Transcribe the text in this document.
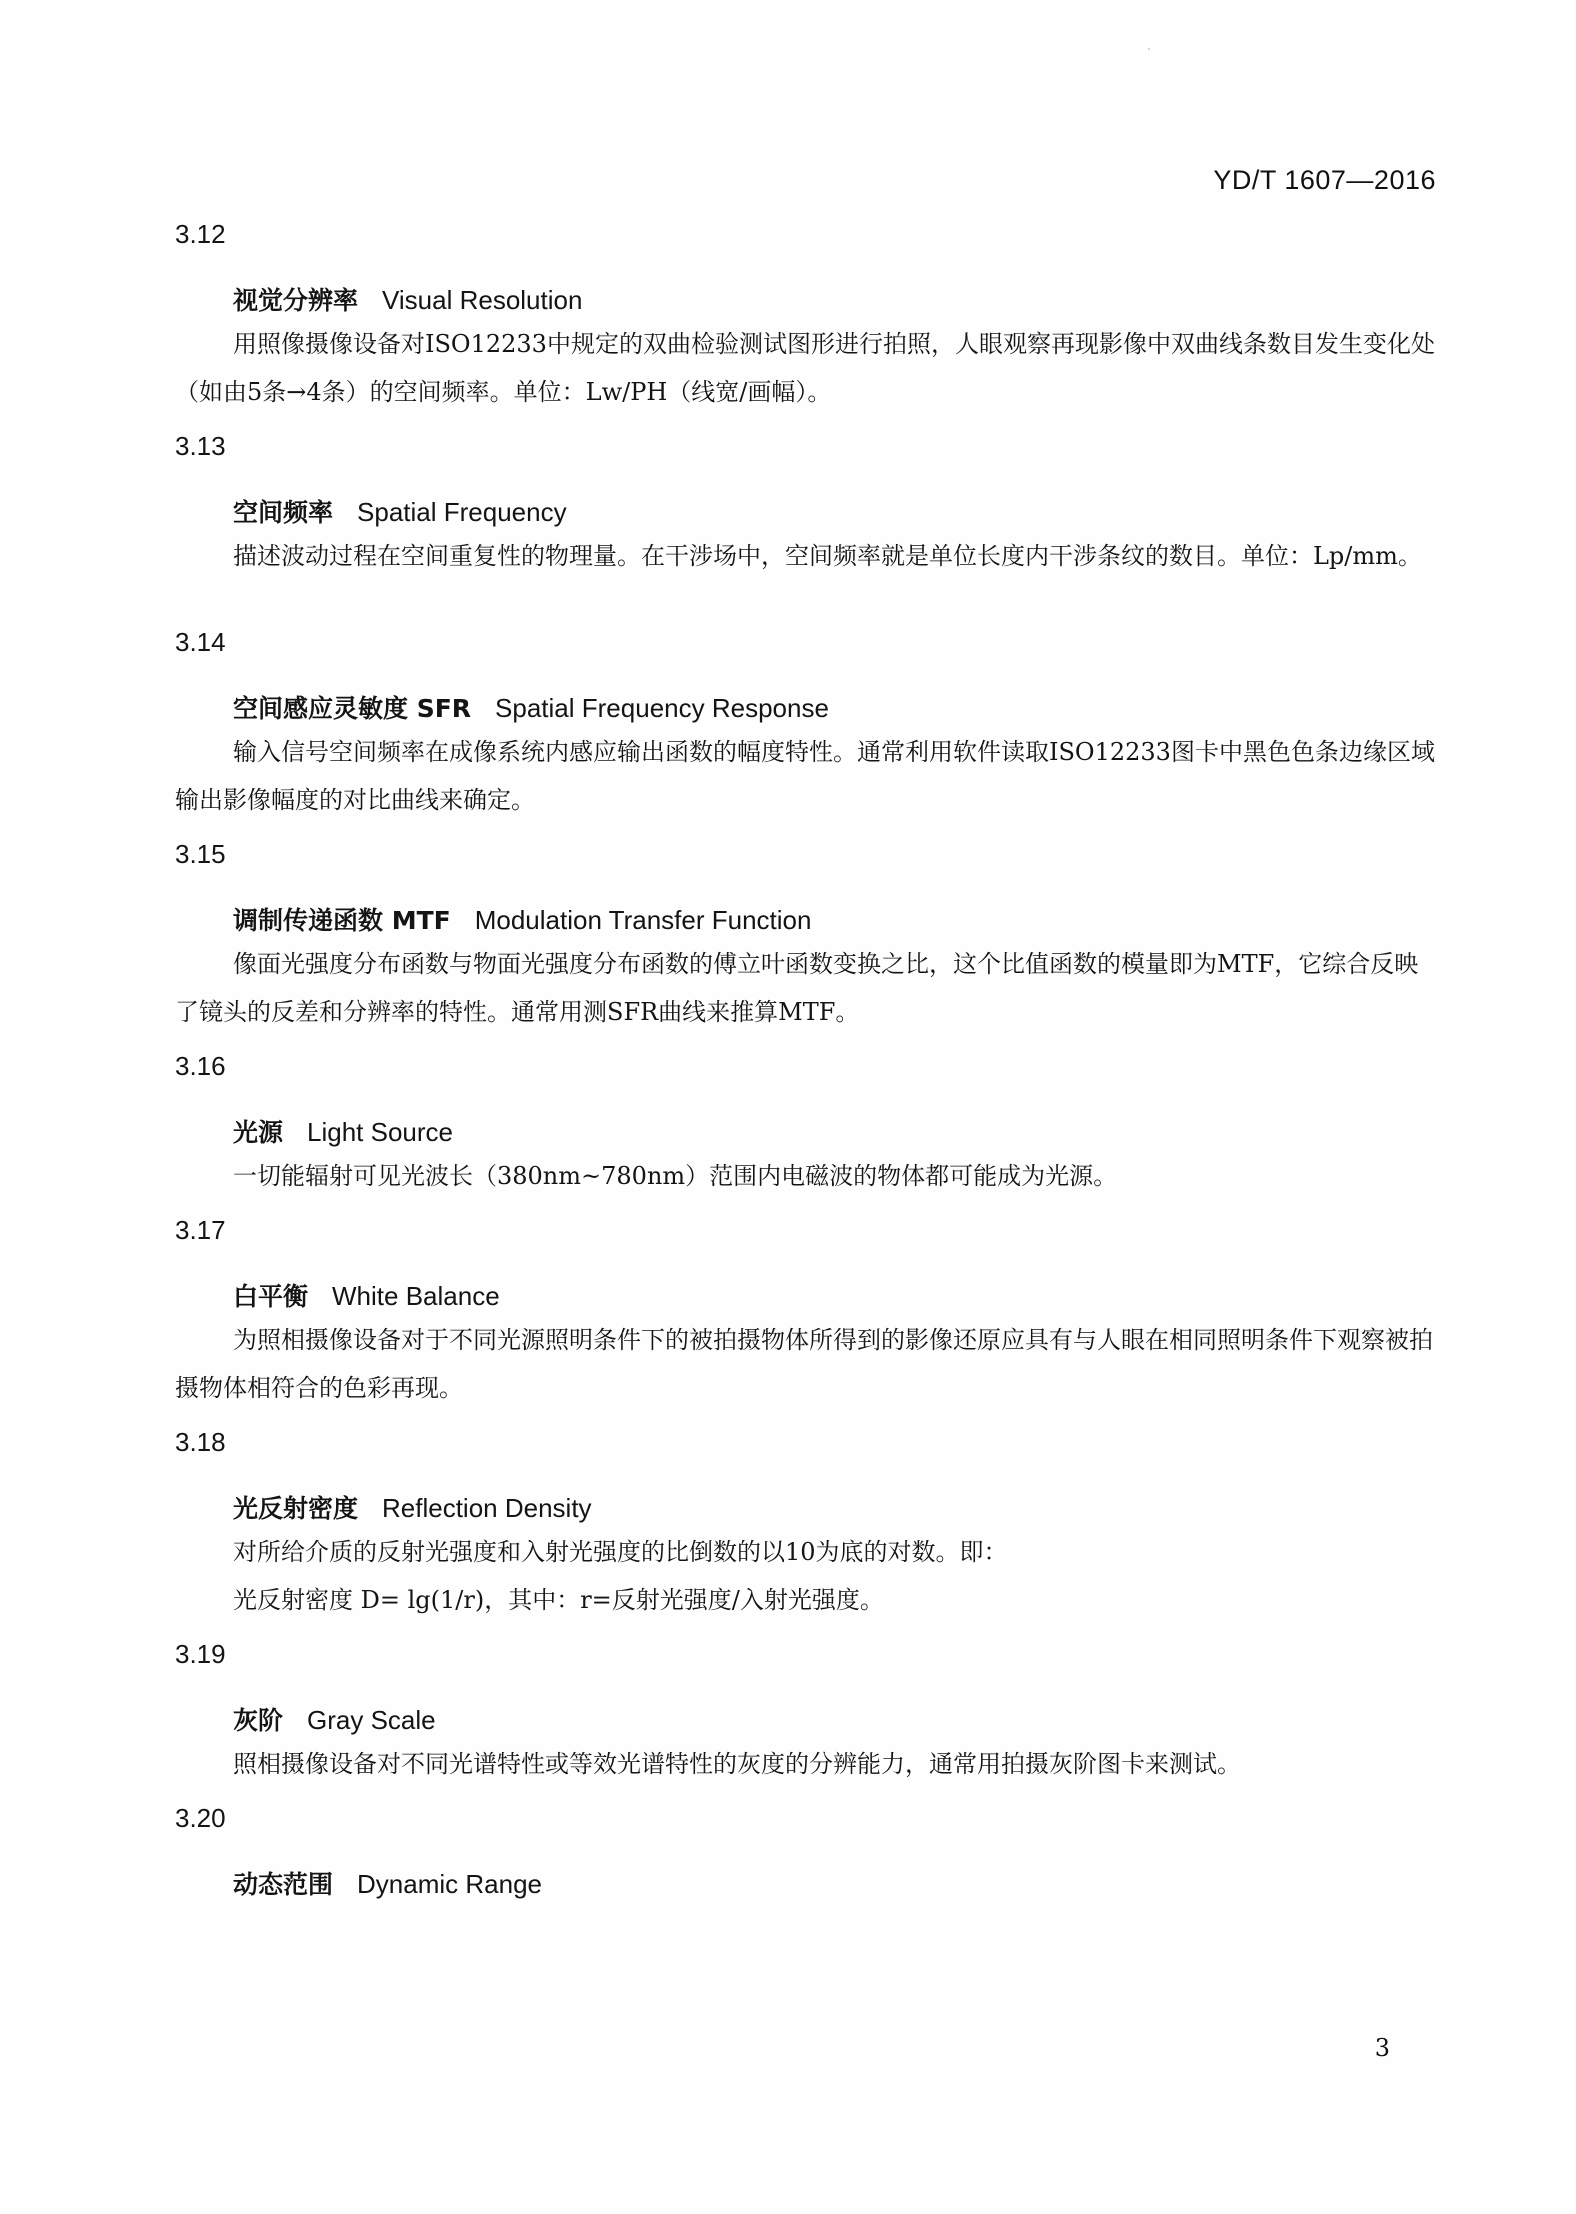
YD/T 1607—2016
3.12
视觉分辨率 Visual Resolution

用照像摄像设备对ISO12233中规定的双曲检验测试图形进行拍照，人眼观察再现影像中双曲线条数目发生变化处（如由5条→4条）的空间频率。单位：Lw/PH（线宽/画幅）。

3.13
空间频率 Spatial Frequency

描述波动过程在空间重复性的物理量。在干涉场中，空间频率就是单位长度内干涉条纹的数目。单位：Lp/mm。

3.14
空间感应灵敏度 SFR Spatial Frequency Response

输入信号空间频率在成像系统内感应输出函数的幅度特性。通常利用软件读取ISO12233图卡中黑色色条边缘区域输出影像幅度的对比曲线来确定。

3.15
调制传递函数 MTF Modulation Transfer Function

像面光强度分布函数与物面光强度分布函数的傅立叶函数变换之比，这个比值函数的模量即为MTF，它综合反映了镜头的反差和分辨率的特性。通常用测SFR曲线来推算MTF。

3.16
光源 Light Source

一切能辐射可见光波长（380nm~780nm）范围内电磁波的物体都可能成为光源。

3.17
白平衡 White Balance

为照相摄像设备对于不同光源照明条件下的被拍摄物体所得到的影像还原应具有与人眼在相同照明条件下观察被拍摄物体相符合的色彩再现。

3.18
光反射密度 Reflection Density

对所给介质的反射光强度和入射光强度的比倒数的以10为底的对数。即：

光反射密度 D= lg(1/r)，其中：r=反射光强度/入射光强度。
3.19
灰阶 Gray Scale

照相摄像设备对不同光谱特性或等效光谱特性的灰度的分辨能力，通常用拍摄灰阶图卡来测试。

3.20
动态范围 Dynamic Range
3
